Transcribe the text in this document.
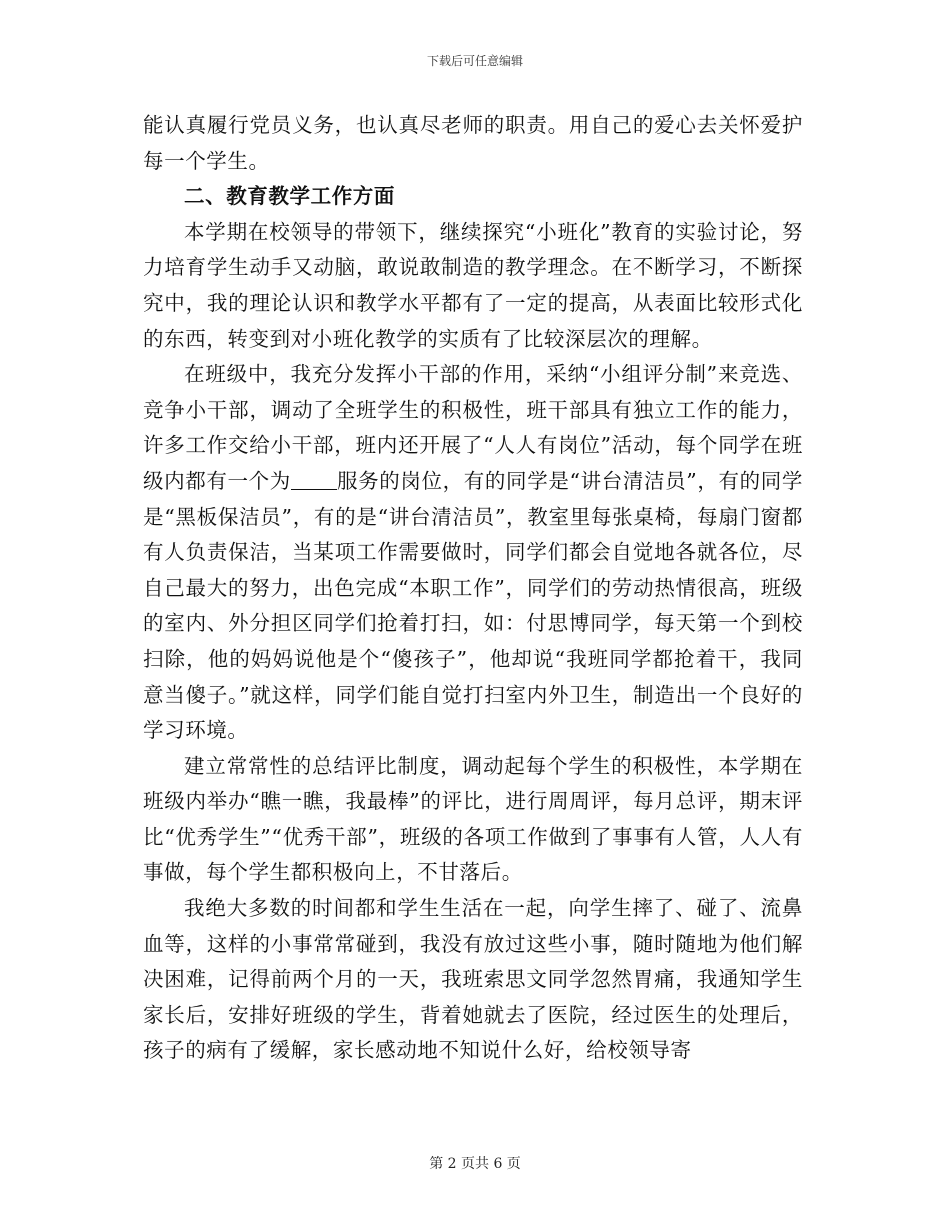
下载后可任意编辑

能认真履行党员义务，也认真尽老师的职责。用自己的爱心去关怀爱护每一个学生。

二、教育教学工作方面

本学期在校领导的带领下，继续探究“小班化”教育的实验讨论，努力培育学生动手又动脑，敢说敢制造的教学理念。在不断学习，不断探究中，我的理论认识和教学水平都有了一定的提高，从表面比较形式化的东西，转变到对小班化教学的实质有了比较深层次的理解。

在班级中，我充分发挥小干部的作用，采纳“小组评分制”来竞选、竞争小干部，调动了全班学生的积极性，班干部具有独立工作的能力，许多工作交给小干部，班内还开展了“人人有岗位”活动，每个同学在班级内都有一个为 服务的岗位，有的同学是“讲台清洁员”，有的同学是“黑板保洁员”，有的是“讲台清洁员”，教室里每张桌椅，每扇门窗都有人负责保洁，当某项工作需要做时，同学们都会自觉地各就各位，尽自己最大的努力，出色完成“本职工作”，同学们的劳动热情很高，班级的室内、外分担区同学们抢着打扫，如：付思博同学，每天第一个到校扫除，他的妈妈说他是个“傻孩子”，他却说“我班同学都抢着干，我同意当傻子。”就这样，同学们能自觉打扫室内外卫生，制造出一个良好的学习环境。

建立常常性的总结评比制度，调动起每个学生的积极性，本学期在班级内举办“瞧一瞧，我最棒”的评比，进行周周评，每月总评，期末评比“优秀学生”“优秀干部”，班级的各项工作做到了事事有人管，人人有事做，每个学生都积极向上，不甘落后。

我绝大多数的时间都和学生生活在一起，向学生摔了、碰了、流鼻血等，这样的小事常常碰到，我没有放过这些小事，随时随地为他们解决困难，记得前两个月的一天，我班索思文同学忽然胃痛，我通知学生家长后，安排好班级的学生，背着她就去了医院，经过医生的处理后，孩子的病有了缓解，家长感动地不知说什么好，给校领导寄

第 2 页共 6 页
